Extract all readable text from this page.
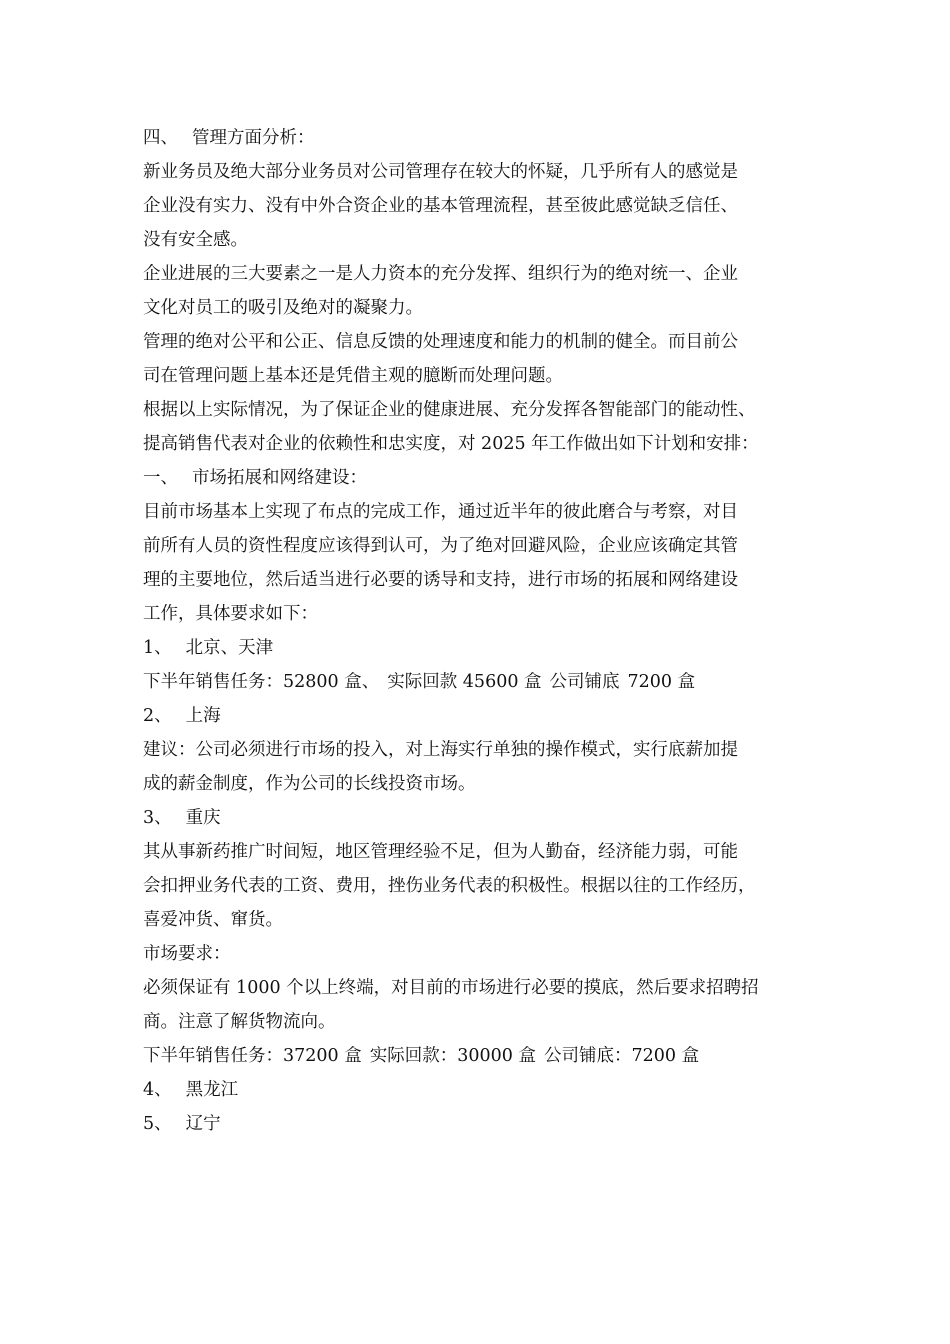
四、 管理方面分析：
新业务员及绝大部分业务员对公司管理存在较大的怀疑，几乎所有人的感觉是
企业没有实力、没有中外合资企业的基本管理流程，甚至彼此感觉缺乏信任、
没有安全感。
企业进展的三大要素之一是人力资本的充分发挥、组织行为的绝对统一、企业
文化对员工的吸引及绝对的凝聚力。
管理的绝对公平和公正、信息反馈的处理速度和能力的机制的健全。而目前公
司在管理问题上基本还是凭借主观的臆断而处理问题。
根据以上实际情况，为了保证企业的健康进展、充分发挥各智能部门的能动性、
提高销售代表对企业的依赖性和忠实度，对 2025 年工作做出如下计划和安排：
一、 市场拓展和网络建设：
目前市场基本上实现了布点的完成工作，通过近半年的彼此磨合与考察，对目
前所有人员的资性程度应该得到认可，为了绝对回避风险，企业应该确定其管
理的主要地位，然后适当进行必要的诱导和支持，进行市场的拓展和网络建设
工作，具体要求如下：
1、 北京、天津
下半年销售任务：52800 盒、 实际回款 45600 盒 公司铺底 7200 盒
2、 上海
建议：公司必须进行市场的投入，对上海实行单独的操作模式，实行底薪加提
成的薪金制度，作为公司的长线投资市场。
3、 重庆
其从事新药推广时间短，地区管理经验不足，但为人勤奋，经济能力弱，可能
会扣押业务代表的工资、费用，挫伤业务代表的积极性。根据以往的工作经历，
喜爱冲货、窜货。
市场要求：
必须保证有 1000 个以上终端，对目前的市场进行必要的摸底，然后要求招聘招
商。注意了解货物流向。
下半年销售任务：37200 盒 实际回款：30000 盒 公司铺底：7200 盒
4、 黑龙江
5、 辽宁
